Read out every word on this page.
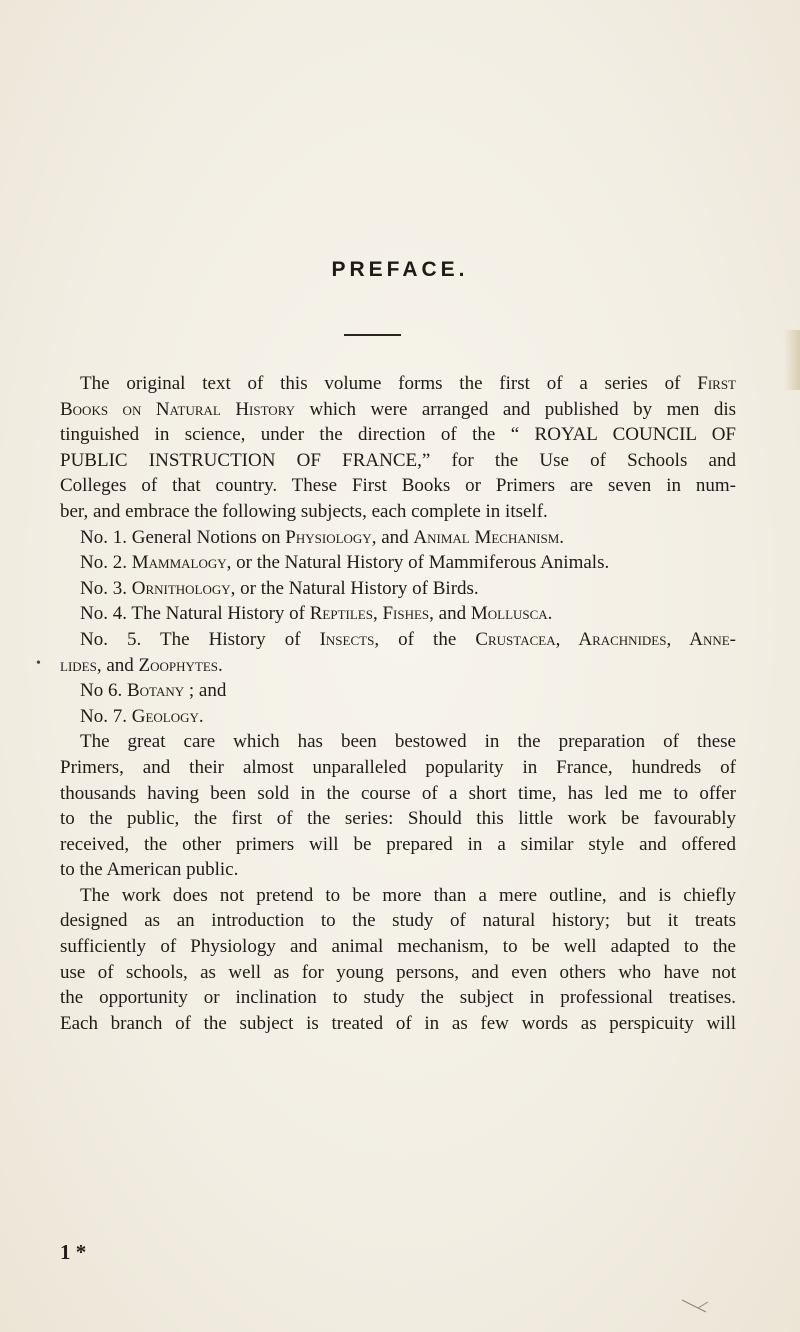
PREFACE.
The original text of this volume forms the first of a series of First
Books on Natural History which were arranged and published by men dis
tinguished in science, under the direction of the “ ROYAL COUNCIL OF
PUBLIC INSTRUCTION OF FRANCE,” for the Use of Schools and
Colleges of that country. These First Books or Primers are seven in num-
ber, and embrace the following subjects, each complete in itself.
No. 1. General Notions on Physiology, and Animal Mechanism.
No. 2. Mammalogy, or the Natural History of Mammiferous Animals.
No. 3. Ornithology, or the Natural History of Birds.
No. 4. The Natural History of Reptiles, Fishes, and Mollusca.
No. 5. The History of Insects, of the Crustacea, Arachnides, Anne-
lides, and Zoophytes.
No 6. Botany ; and
No. 7. Geology.
The great care which has been bestowed in the preparation of these
Primers, and their almost unparalleled popularity in France, hundreds of
thousands having been sold in the course of a short time, has led me to offer
to the public, the first of the series: Should this little work be favourably
received, the other primers will be prepared in a similar style and offered
to the American public.
The work does not pretend to be more than a mere outline, and is chiefly
designed as an introduction to the study of natural history; but it treats
sufficiently of Physiology and animal mechanism, to be well adapted to the
use of schools, as well as for young persons, and even others who have not
the opportunity or inclination to study the subject in professional treatises.
Each branch of the subject is treated of in as few words as perspicuity will
•
1 *
